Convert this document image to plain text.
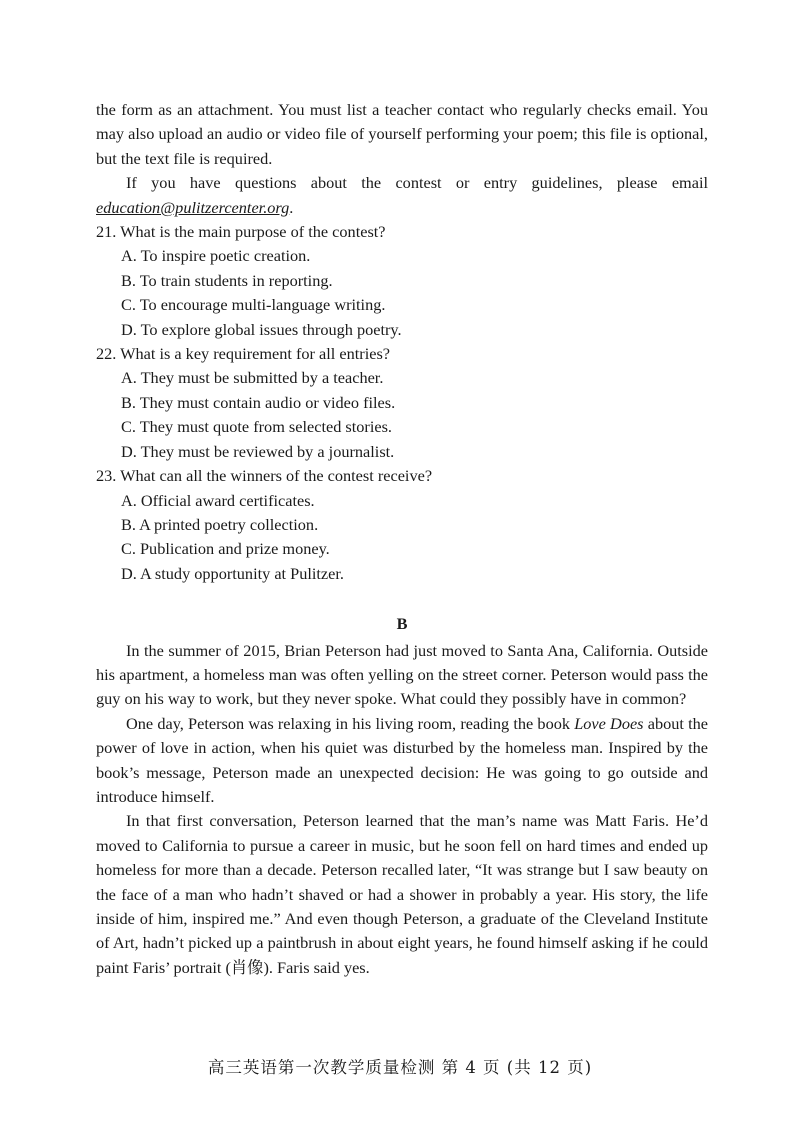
the form as an attachment. You must list a teacher contact who regularly checks email. You may also upload an audio or video file of yourself performing your poem; this file is optional, but the text file is required.

If you have questions about the contest or entry guidelines, please email education@pulitzercenter.org.

21. What is the main purpose of the contest?

A. To inspire poetic creation.

B. To train students in reporting.

C. To encourage multi-language writing.

D. To explore global issues through poetry.

22. What is a key requirement for all entries?

A. They must be submitted by a teacher.

B. They must contain audio or video files.

C. They must quote from selected stories.

D. They must be reviewed by a journalist.

23. What can all the winners of the contest receive?

A. Official award certificates.

B. A printed poetry collection.

C. Publication and prize money.

D. A study opportunity at Pulitzer.

B

In the summer of 2015, Brian Peterson had just moved to Santa Ana, California. Outside his apartment, a homeless man was often yelling on the street corner. Peterson would pass the guy on his way to work, but they never spoke. What could they possibly have in common?

One day, Peterson was relaxing in his living room, reading the book Love Does about the power of love in action, when his quiet was disturbed by the homeless man. Inspired by the book’s message, Peterson made an unexpected decision: He was going to go outside and introduce himself.

In that first conversation, Peterson learned that the man’s name was Matt Faris. He’d moved to California to pursue a career in music, but he soon fell on hard times and ended up homeless for more than a decade. Peterson recalled later, “It was strange but I saw beauty on the face of a man who hadn’t shaved or had a shower in probably a year. His story, the life inside of him, inspired me.” And even though Peterson, a graduate of the Cleveland Institute of Art, hadn’t picked up a paintbrush in about eight years, he found himself asking if he could paint Faris’ portrait (肖像). Faris said yes.

高三英语第一次教学质量检测 第 4 页 (共 12 页)
